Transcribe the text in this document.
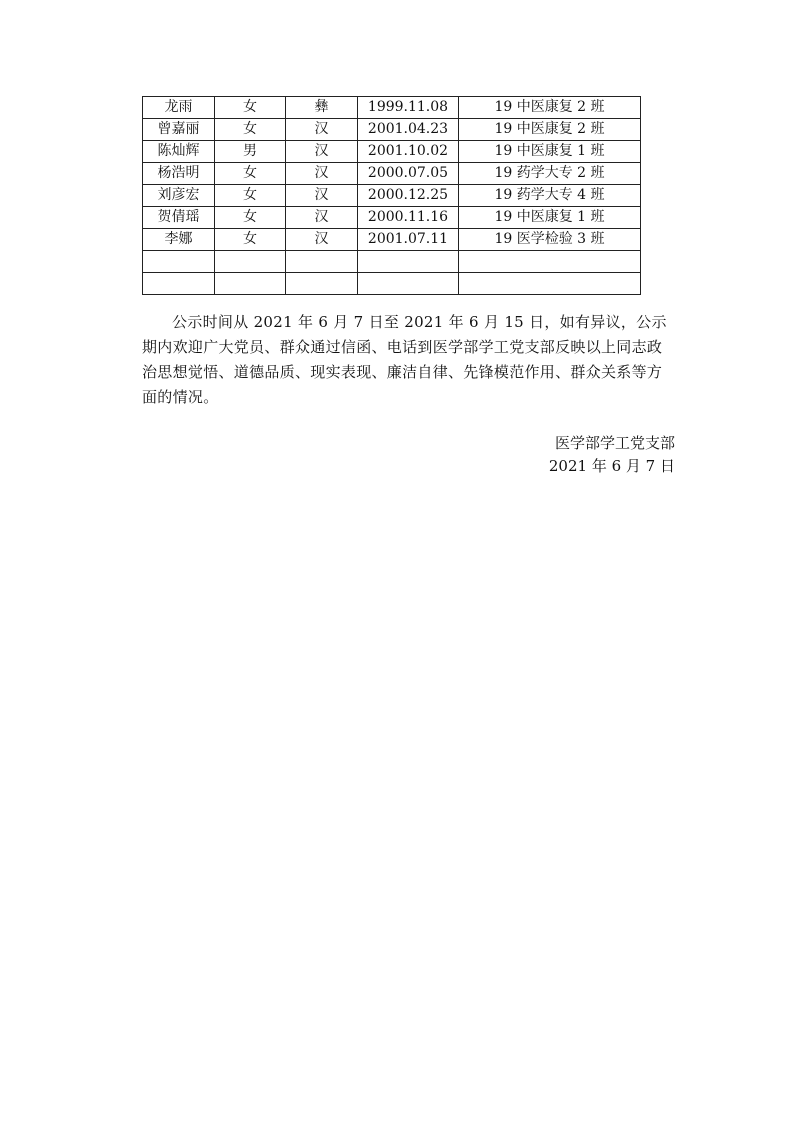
龙雨	女	彝	1999.11.08	19 中医康复 2 班
曾嘉丽	女	汉	2001.04.23	19 中医康复 2 班
陈灿辉	男	汉	2001.10.02	19 中医康复 1 班
杨浩明	女	汉	2000.07.05	19 药学大专 2 班
刘彦宏	女	汉	2000.12.25	19 药学大专 4 班
贺倩瑶	女	汉	2000.11.16	19 中医康复 1 班
李娜	女	汉	2001.07.11	19 医学检验 3 班

公示时间从 2021 年 6 月 7 日至 2021 年 6 月 15 日，如有异议，公示期内欢迎广大党员、群众通过信函、电话到医学部学工党支部反映以上同志政治思想觉悟、道德品质、现实表现、廉洁自律、先锋模范作用、群众关系等方面的情况。

医学部学工党支部
2021 年 6 月 7 日
